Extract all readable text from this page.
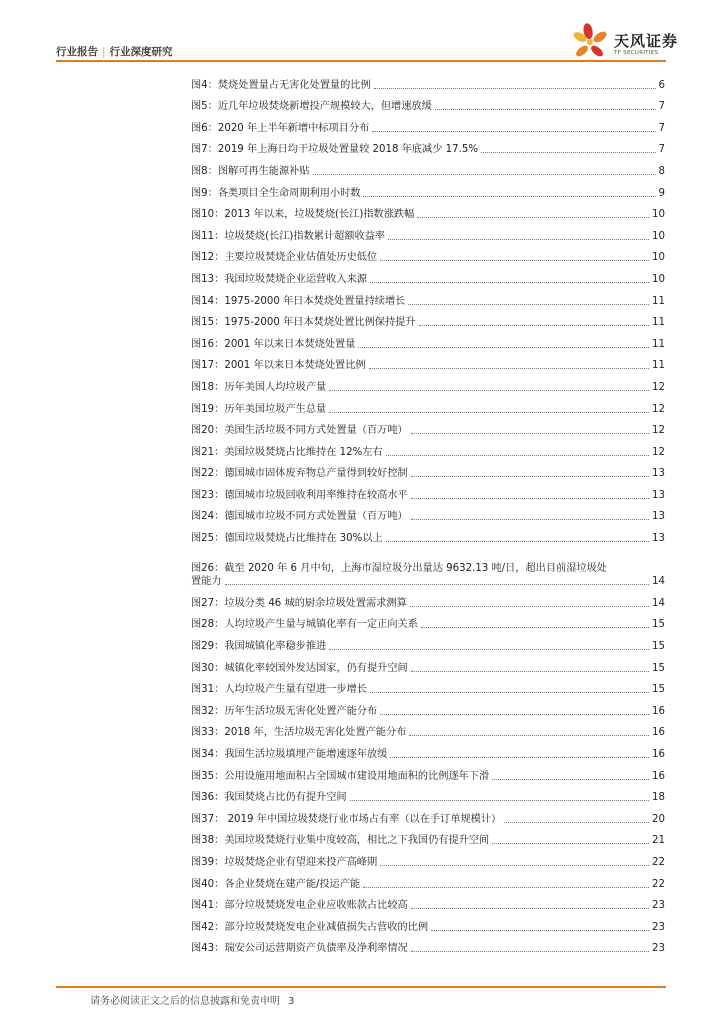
行业报告 | 行业深度研究
天风证券
TF SECURITIES
图4：焚烧处置量占无害化处置量的比例	6
图5：近几年垃圾焚烧新增投产规模较大，但增速放缓	7
图6：2020 年上半年新增中标项目分布	7
图7：2019 年上海日均干垃圾处置量较 2018 年底减少 17.5%	7
图8：图解可再生能源补贴	8
图9：各类项目全生命周期利用小时数	9
图10：2013 年以来，垃圾焚烧(长江)指数涨跌幅	10
图11：垃圾焚烧(长江)指数累计超额收益率	10
图12：主要垃圾焚烧企业估值处历史低位	10
图13：我国垃圾焚烧企业运营收入来源	10
图14：1975-2000 年日本焚烧处置量持续增长	11
图15：1975-2000 年日本焚烧处置比例保持提升	11
图16：2001 年以来日本焚烧处置量	11
图17：2001 年以来日本焚烧处置比例	11
图18：历年美国人均垃圾产量	12
图19：历年美国垃圾产生总量	12
图20：美国生活垃圾不同方式处置量（百万吨）	12
图21：美国垃圾焚烧占比维持在 12%左右	12
图22：德国城市固体废弃物总产量得到较好控制	13
图23：德国城市垃圾回收利用率维持在较高水平	13
图24：德国城市垃圾不同方式处置量（百万吨）	13
图25：德国垃圾焚烧占比维持在 30%以上	13
图26：截至 2020 年 6 月中旬，上海市湿垃圾分出量达 9632.13 吨/日，超出目前湿垃圾处
置能力	14
图27：垃圾分类 46 城的厨余垃圾处置需求测算	14
图28：人均垃圾产生量与城镇化率有一定正向关系	15
图29：我国城镇化率稳步推进	15
图30：城镇化率较国外发达国家，仍有提升空间	15
图31：人均垃圾产生量有望进一步增长	15
图32：历年生活垃圾无害化处置产能分布	16
图33：2018 年，生活垃圾无害化处置产能分布	16
图34：我国生活垃圾填埋产能增速逐年放缓	16
图35：公用设施用地面积占全国城市建设用地面积的比例逐年下滑	16
图36：我国焚烧占比仍有提升空间	18
图37： 2019 年中国垃圾焚烧行业市场占有率（以在手订单规模计）	20
图38：美国垃圾焚烧行业集中度较高，相比之下我国仍有提升空间	21
图39：垃圾焚烧企业有望迎来投产高峰期	22
图40：各企业焚烧在建产能/投运产能	22
图41：部分垃圾焚烧发电企业应收账款占比较高	23
图42：部分垃圾焚烧发电企业减值损失占营收的比例	23
图43：瑞安公司运营期资产负债率及净利率情况	23
请务必阅读正文之后的信息披露和免责申明 3
